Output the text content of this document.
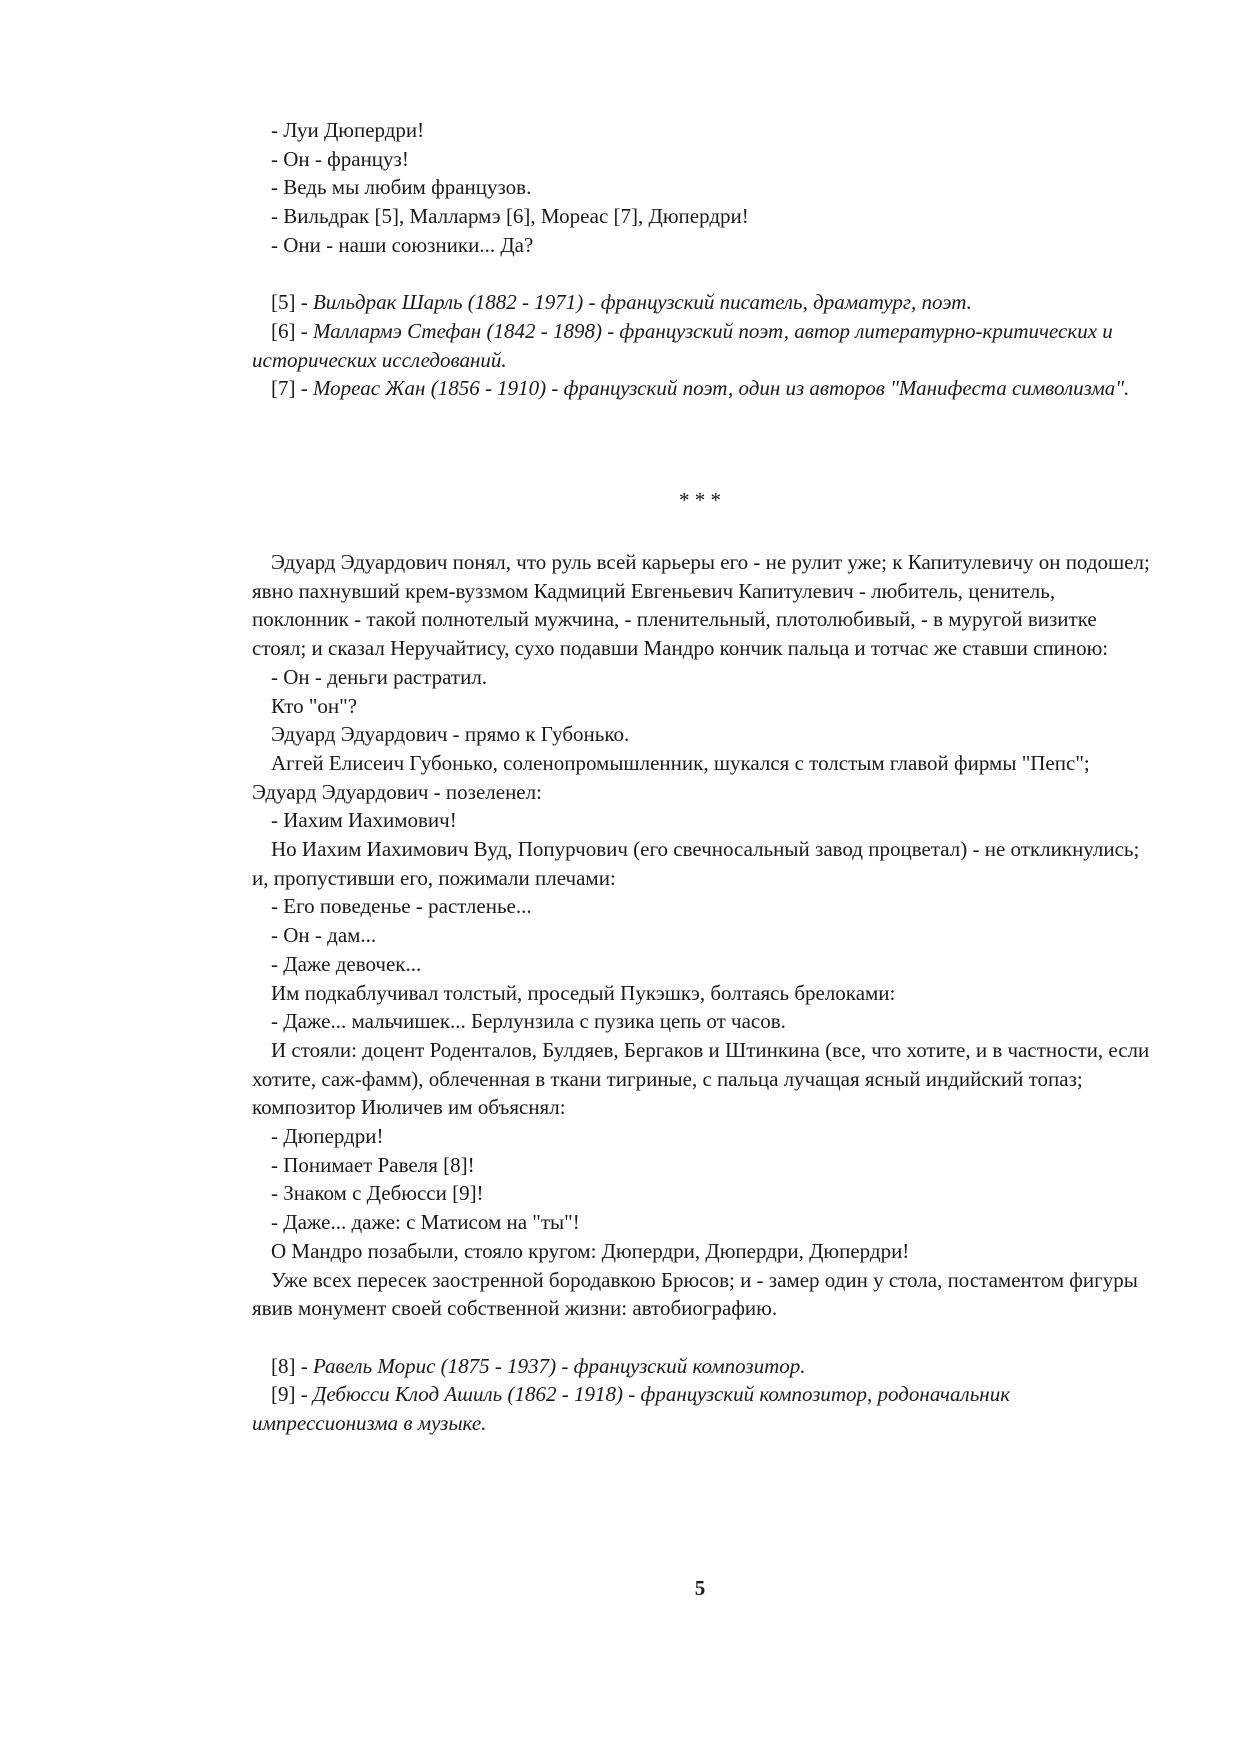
- Луи Дюпердри!

- Он - француз!

- Ведь мы любим французов.

- Вильдрак [5], Маллармэ [6], Мореас [7], Дюпердри!

- Они - наши союзники... Да?

[5] - Вильдрак Шарль (1882 - 1971) - французский писатель, драматург, поэт.

[6] - Маллармэ Стефан (1842 - 1898) - французский поэт, автор литературно-критических и исторических исследований.

[7] - Мореас Жан (1856 - 1910) - французский поэт, один из авторов "Манифеста символизма".

* * *

Эдуард Эдуардович понял, что руль всей карьеры его - не рулит уже; к Капитулевичу он подошел; явно пахнувший крем-вуззмом Кадмиций Евгеньевич Капитулевич - любитель, ценитель, поклонник - такой полнотелый мужчина, - пленительный, плотолюбивый, - в муругой визитке стоял; и сказал Неручайтису, сухо подавши Мандро кончик пальца и тотчас же ставши спиною:

- Он - деньги растратил.

Кто "он"?

Эдуард Эдуардович - прямо к Губонько.

Аггей Елисеич Губонько, соленопромышленник, шукался с толстым главой фирмы "Пепс"; Эдуард Эдуардович - позеленел:

- Иахим Иахимович!

Но Иахим Иахимович Вуд, Попурчович (его свечносальный завод процветал) - не откликнулись; и, пропустивши его, пожимали плечами:

- Его поведенье - растленье...

- Он - дам...

- Даже девочек...

Им подкаблучивал толстый, проседый Пукэшкэ, болтаясь брелоками:

- Даже... мальчишек... Берлунзила с пузика цепь от часов.

И стояли: доцент Роденталов, Булдяев, Бергаков и Штинкина (все, что хотите, и в частности, если хотите, саж-фамм), облеченная в ткани тигриные, с пальца лучащая ясный индийский топаз; композитор Июличев им объяснял:

- Дюпердри!

- Понимает Равеля [8]!

- Знаком с Дебюсси [9]!

- Даже... даже: с Матисом на "ты"!

О Мандро позабыли, стояло кругом: Дюпердри, Дюпердри, Дюпердри!

Уже всех пересек заостренной бородавкою Брюсов; и - замер один у стола, постаментом фигуры явив монумент своей собственной жизни: автобиографию.

[8] - Равель Морис (1875 - 1937) - французский композитор.

[9] - Дебюсси Клод Ашиль (1862 - 1918) - французский композитор, родоначальник импрессионизма в музыке.

5
